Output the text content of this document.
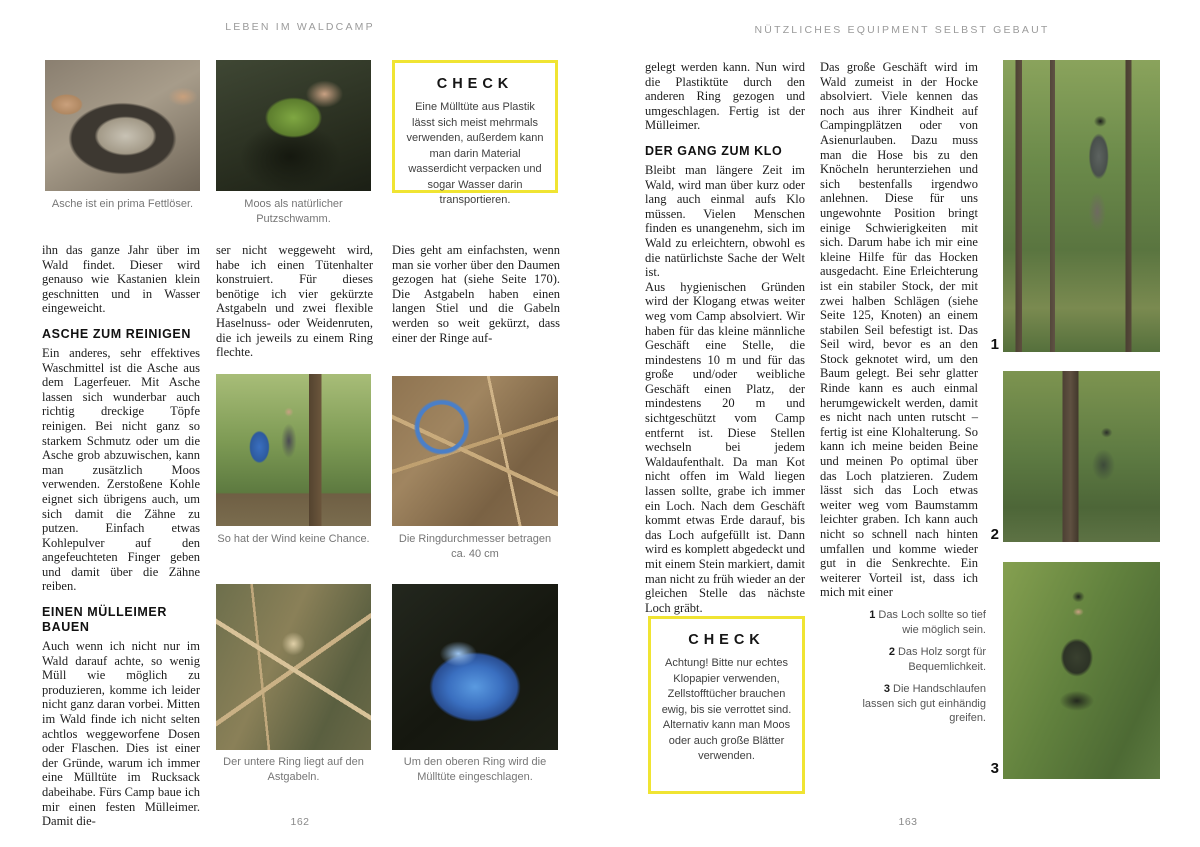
LEBEN IM WALDCAMP	NÜTZLICHES EQUIPMENT SELBST GEBAUT
CHECK
Eine Mülltüte aus Plastik lässt sich meist mehrmals verwenden, außerdem kann man darin Material wasserdicht verpacken und sogar Wasser darin transportieren.
Asche ist ein prima Fettlöser.	Moos als natürlicher Putzschwamm.

ihn das ganze Jahr über im Wald findet. Dieser wird genauso wie Kastanien klein geschnitten und in Wasser eingeweicht.

ASCHE ZUM REINIGEN

Ein anderes, sehr effektives Waschmittel ist die Asche aus dem Lagerfeuer. Mit Asche lassen sich wunderbar auch richtig dreckige Töpfe reinigen. Bei nicht ganz so starkem Schmutz oder um die Asche grob abzuwischen, kann man zusätzlich Moos verwenden. Zerstoßene Kohle eignet sich übrigens auch, um sich damit die Zähne zu putzen. Einfach etwas Kohlepulver auf den angefeuchteten Finger geben und damit über die Zähne reiben.

EINEN MÜLLEIMER BAUEN

Auch wenn ich nicht nur im Wald darauf achte, so wenig Müll wie möglich zu produzieren, komme ich leider nicht ganz daran vorbei. Mitten im Wald finde ich nicht selten achtlos weggeworfene Dosen oder Flaschen. Dies ist einer der Gründe, warum ich immer eine Mülltüte im Rucksack dabeihabe. Fürs Camp baue ich mir einen festen Mülleimer. Damit die-

ser nicht weggeweht wird, habe ich einen Tütenhalter konstruiert. Für dieses benötige ich vier gekürzte Astgabeln und zwei flexible Haselnuss- oder Weidenruten, die ich jeweils zu einem Ring flechte.

So hat der Wind keine Chance.
Der untere Ring liegt auf den Astgabeln.

Dies geht am einfachsten, wenn man sie vorher über den Daumen gezogen hat (siehe Seite 170). Die Astgabeln haben einen langen Stiel und die Gabeln werden so weit gekürzt, dass einer der Ringe auf-

Die Ringdurchmesser betragen ca. 40 cm
Um den oberen Ring wird die Mülltüte eingeschlagen.
162

gelegt werden kann. Nun wird die Plastiktüte durch den anderen Ring gezogen und umgeschlagen. Fertig ist der Mülleimer.

DER GANG ZUM KLO

Bleibt man längere Zeit im Wald, wird man über kurz oder lang auch einmal aufs Klo müssen. Vielen Menschen finden es unangenehm, sich im Wald zu erleichtern, obwohl es die natürlichste Sache der Welt ist.

Aus hygienischen Gründen wird der Klogang etwas weiter weg vom Camp absolviert. Wir haben für das kleine männliche Geschäft eine Stelle, die mindestens 10 m und für das große und/oder weibliche Geschäft einen Platz, der mindestens 20 m und sichtgeschützt vom Camp entfernt ist. Diese Stellen wechseln bei jedem Waldaufenthalt. Da man Kot nicht offen im Wald liegen lassen sollte, grabe ich immer ein Loch. Nach dem Geschäft kommt etwas Erde darauf, bis das Loch aufgefüllt ist. Dann wird es komplett abgedeckt und mit einem Stein markiert, damit man nicht zu früh wieder an der gleichen Stelle das nächste Loch gräbt.

CHECK
Achtung! Bitte nur echtes Klopapier verwenden, Zellstofftücher brauchen ewig, bis sie verrottet sind. Alternativ kann man Moos oder auch große Blätter verwenden.

Das große Geschäft wird im Wald zumeist in der Hocke absolviert. Viele kennen das noch aus ihrer Kindheit auf Campingplätzen oder von Asienurlauben. Dazu muss man die Hose bis zu den Knöcheln herunterziehen und sich bestenfalls irgendwo anlehnen. Diese für uns ungewohnte Position bringt einige Schwierigkeiten mit sich. Darum habe ich mir eine kleine Hilfe für das Hocken ausgedacht. Eine Erleichterung ist ein stabiler Stock, der mit zwei halben Schlägen (siehe Seite 125, Knoten) an einem stabilen Seil befestigt ist. Das Seil wird, bevor es an den Stock geknotet wird, um den Baum gelegt. Bei sehr glatter Rinde kann es auch einmal herumgewickelt werden, damit es nicht nach unten rutscht – fertig ist eine Klohalterung. So kann ich meine beiden Beine und meinen Po optimal über das Loch platzieren. Zudem lässt sich das Loch etwas weiter weg vom Baumstamm leichter graben. Ich kann auch nicht so schnell nach hinten umfallen und komme wieder gut in die Senkrechte. Ein weiterer Vorteil ist, dass ich mich mit einer

1 Das Loch sollte so tief wie möglich sein.
2 Das Holz sorgt für Bequemlichkeit.
3 Die Handschlaufen lassen sich gut einhändig greifen.
1
2
3
163
